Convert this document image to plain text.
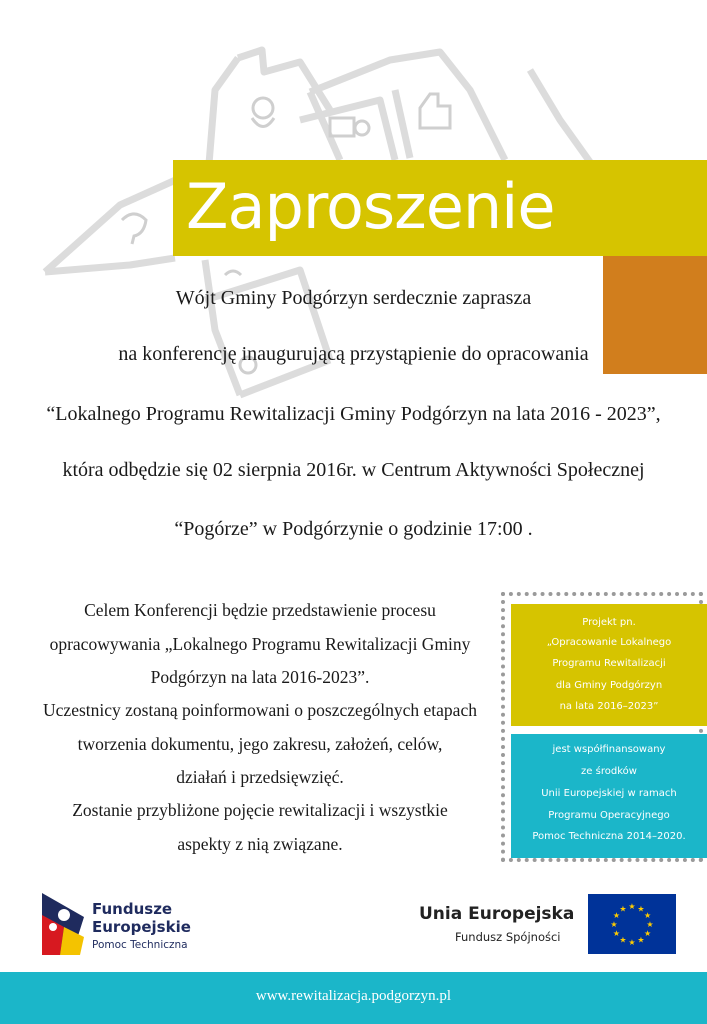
Zaproszenie
Wójt Gminy Podgórzyn serdecznie zaprasza
na konferencję inaugurującą przystąpienie do opracowania
“Lokalnego Programu Rewitalizacji Gminy Podgórzyn na lata 2016 - 2023”,
która odbędzie się 02 sierpnia 2016r. w Centrum Aktywności Społecznej
“Pogórze” w Podgórzynie o godzinie 17:00 .
Celem Konferencji będzie przedstawienie procesu
opracowywania „Lokalnego Programu Rewitalizacji Gminy
Podgórzyn na lata 2016-2023”.
Uczestnicy zostaną poinformowani o poszczególnych etapach
tworzenia dokumentu, jego zakresu, założeń, celów,
działań i przedsięwzięć.
Zostanie przybliżone pojęcie rewitalizacji i wszystkie
aspekty z nią związane.
Projekt pn.
„Opracowanie Lokalnego
Programu Rewitalizacji
dla Gminy Podgórzyn
na lata 2016–2023”
jest współfinansowany
ze środków
Unii Europejskiej w ramach
Programu Operacyjnego
Pomoc Techniczna 2014–2020.
Fundusze
Europejskie
Pomoc Techniczna
Unia Europejska
Fundusz Spójności
★
★
★
★
★
★
★
★
★ ★ ★
★
www.rewitalizacja.podgorzyn.pl
